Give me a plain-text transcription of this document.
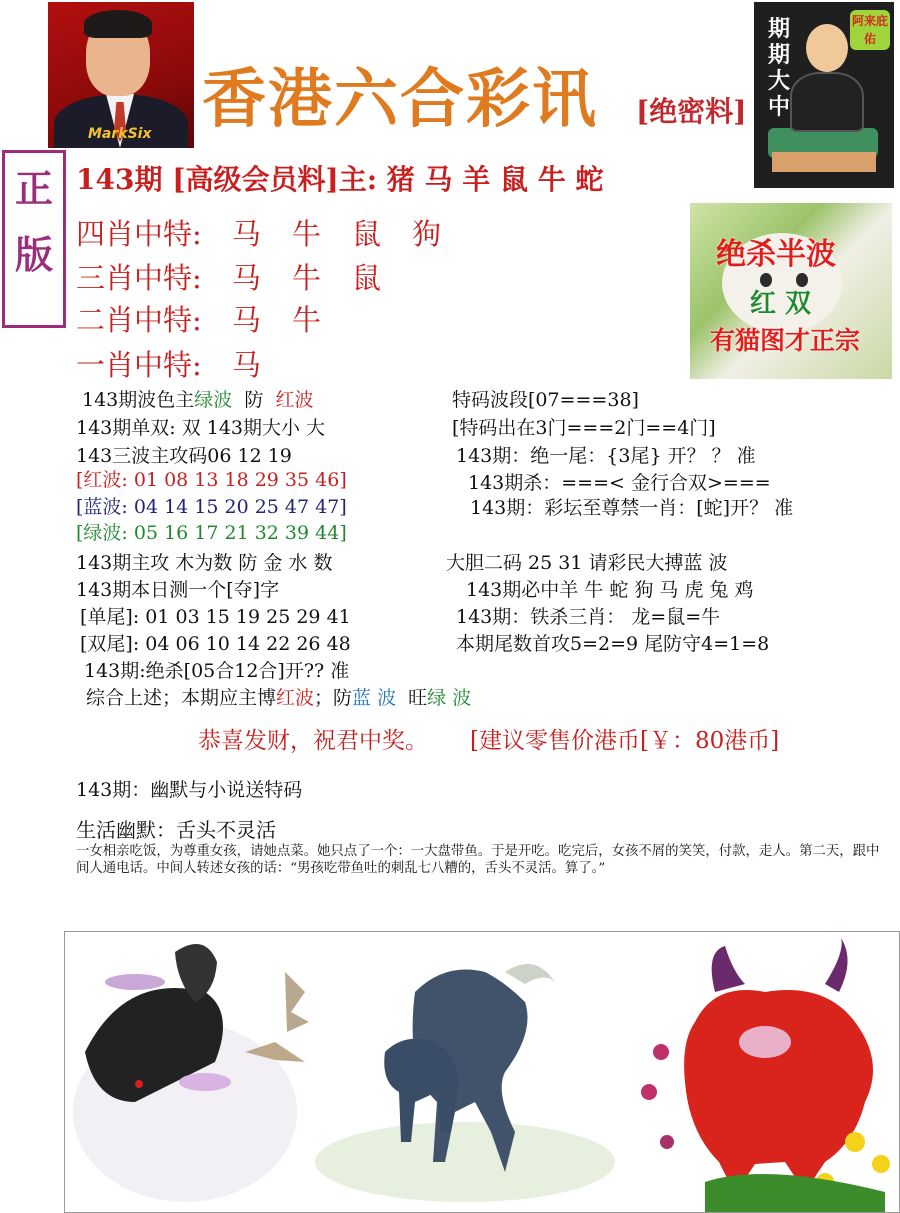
MarkSix 香港六合彩讯 [绝密料]
期期大中
阿来庇佑
正
版
143期 [高级会员料]主: 猪 马 羊 鼠 牛 蛇
四肖中特: 马 牛 鼠 狗
三肖中特: 马 牛 鼠
二肖中特: 马 牛
一肖中特: 马
绝杀半波
红 双
有猫图才正宗
143期波色主绿波  防  红波
143期单双: 双 143期大小 大
143三波主攻码06 12 19
[红波: 01 08 13 18 29 35 46]
[蓝波: 04 14 15 20 25 47 47]
[绿波: 05 16 17 21 32 39 44]
143期主攻 木为数 防 金 水 数
143期本日测一个[夺]字
[单尾]: 01 03 15 19 25 29 41
[双尾]: 04 06 10 14 22 26 48
143期:绝杀[05合12合]开?? 准
综合上述；本期应主博红波；防蓝 波  旺绿 波
特码波段[07===38]
[特码出在3门===2门==4门]
143期：绝一尾：{3尾} 开？ ？ 准
143期杀：===< 金行合双>===
143期：彩坛至尊禁一肖：[蛇]开？ 准
大胆二码 25 31 请彩民大搏蓝 波
143期必中羊 牛 蛇 狗 马 虎 兔 鸡
143期：铁杀三肖： 龙=鼠=牛
本期尾数首攻5=2=9 尾防守4=1=8
恭喜发财，祝君中奖。 [建议零售价港币[￥：80港币]
143期：幽默与小说送特码
生活幽默：舌头不灵活
一女相亲吃饭，为尊重女孩，请她点菜。她只点了一个：一大盘带鱼。于是开吃。吃完后，女孩不屑的笑笑，付款，走人。第二天，跟中间人通电话。中间人转述女孩的话：“男孩吃带鱼吐的刺乱七八糟的，舌头不灵活。算了。”
